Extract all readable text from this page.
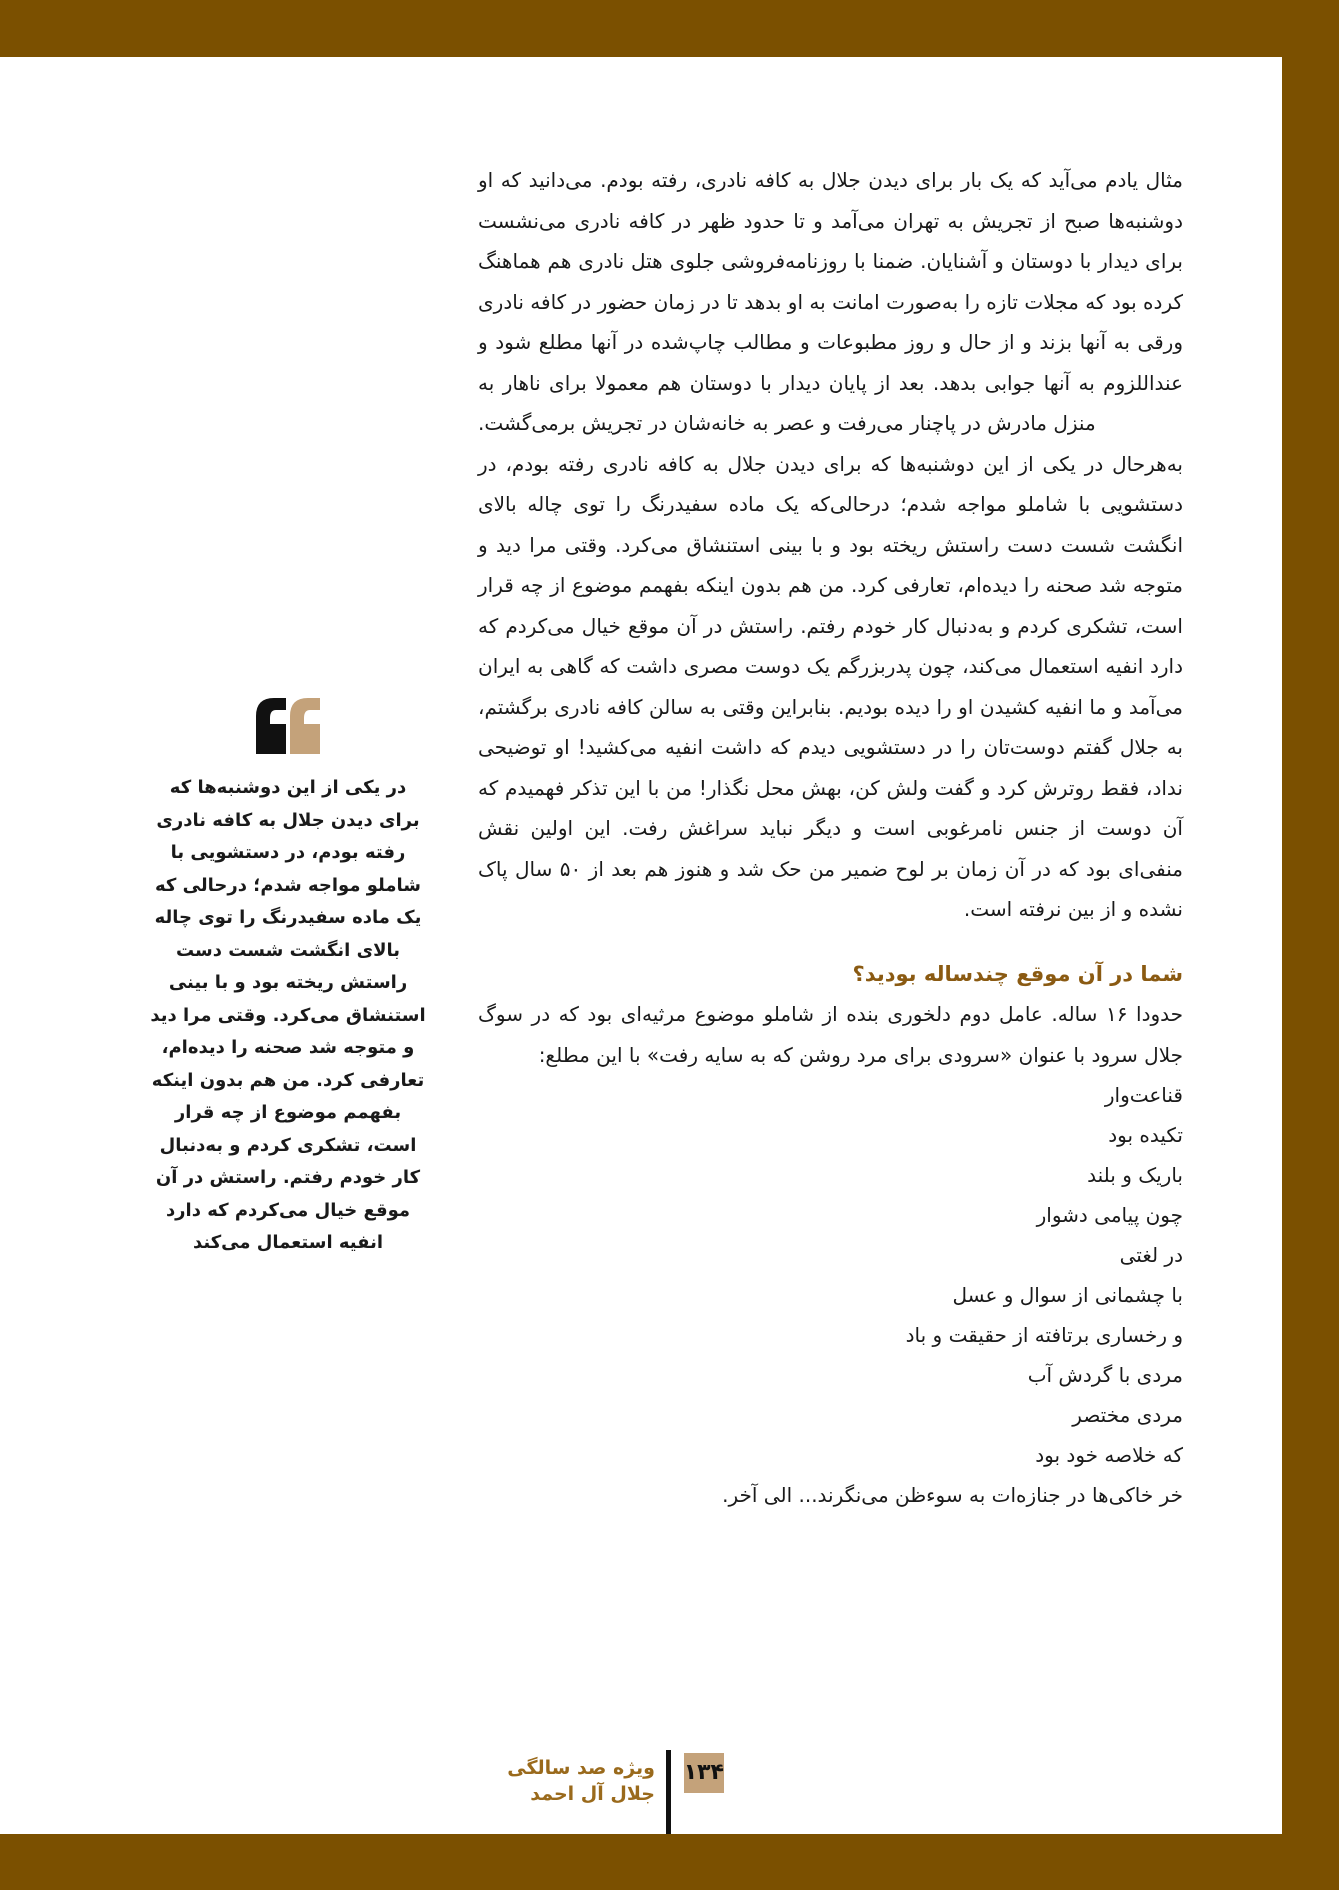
مثال یادم می‌آید که یک بار برای دیدن جلال به کافه نادری، رفته بودم. می‌دانید که او دوشنبه‌ها صبح از تجریش به تهران می‌آمد و تا حدود ظهر در کافه نادری می‌نشست برای دیدار با دوستان و آشنایان. ضمنا با روزنامه‌فروشی جلوی هتل نادری هم هماهنگ کرده بود که مجلات تازه را به‌صورت امانت به او بدهد تا در زمان حضور در کافه نادری ورقی به آنها بزند و از حال و روز مطبوعات و مطالب چاپ‌شده در آنها مطلع شود و عنداللزوم به آنها جوابی بدهد. بعد از پایان دیدار با دوستان هم معمولا برای ناهار به منزل مادرش در پاچنار می‌رفت و عصر به خانه‌شان در تجریش برمی‌گشت.

به‌هرحال در یکی از این دوشنبه‌ها که برای دیدن جلال به کافه نادری رفته بودم، در دستشویی با شاملو مواجه شدم؛ درحالی‌که یک ماده سفیدرنگ را توی چاله بالای انگشت شست دست راستش ریخته بود و با بینی استنشاق می‌کرد. وقتی مرا دید و متوجه شد صحنه را دیده‌ام، تعارفی کرد. من هم بدون اینکه بفهمم موضوع از چه قرار است، تشکری کردم و به‌دنبال کار خودم رفتم. راستش در آن موقع خیال می‌کردم که دارد انفیه استعمال می‌کند، چون پدربزرگم یک دوست مصری داشت که گاهی به ایران می‌آمد و ما انفیه کشیدن او را دیده بودیم. بنابراین وقتی به سالن کافه نادری برگشتم، به جلال گفتم دوست‌تان را در دستشویی دیدم که داشت انفیه می‌کشید! او توضیحی نداد، فقط روترش کرد و گفت ولش کن، بهش محل نگذار! من با این تذکر فهمیدم که آن دوست از جنس نامرغوبی است و دیگر نباید سراغش رفت. این اولین نقش منفی‌ای بود که در آن زمان بر لوح ضمیر من حک شد و هنوز هم بعد از ۵۰ سال پاک نشده و از بین نرفته است.

شما در آن موقع چندساله بودید؟

حدودا ۱۶ ساله. عامل دوم دلخوری بنده از شاملو موضوع مرثیه‌ای بود که در سوگ جلال سرود با عنوان «سرودی برای مرد روشن که به سایه رفت» با این مطلع:

قناعت‌وار
تکیده بود
باریک و بلند
چون پیامی دشوار
در لغتی
با چشمانی از سوال و عسل
و رخساری برتافته از حقیقت و باد
مردی با گردش آب
مردی مختصر
که خلاصه خود بود
خر خاکی‌ها در جنازه‌ات به سوءظن می‌نگرند... الی آخر.
در یکی از این دوشنبه‌ها که برای دیدن جلال به کافه نادری رفته بودم، در دستشویی با شاملو مواجه شدم؛ درحالی که یک ماده سفیدرنگ را توی چاله بالای انگشت شست دست راستش ریخته بود و با بینی استنشاق می‌کرد. وقتی مرا دید و متوجه شد صحنه را دیده‌ام، تعارفی کرد. من هم بدون اینکه بفهمم موضوع از چه قرار است، تشکری کردم و به‌دنبال کار خودم رفتم. راستش در آن موقع خیال می‌کردم که دارد انفیه استعمال می‌کند
۱۳۴
ویژه صد سالگی
جلال آل احمد
